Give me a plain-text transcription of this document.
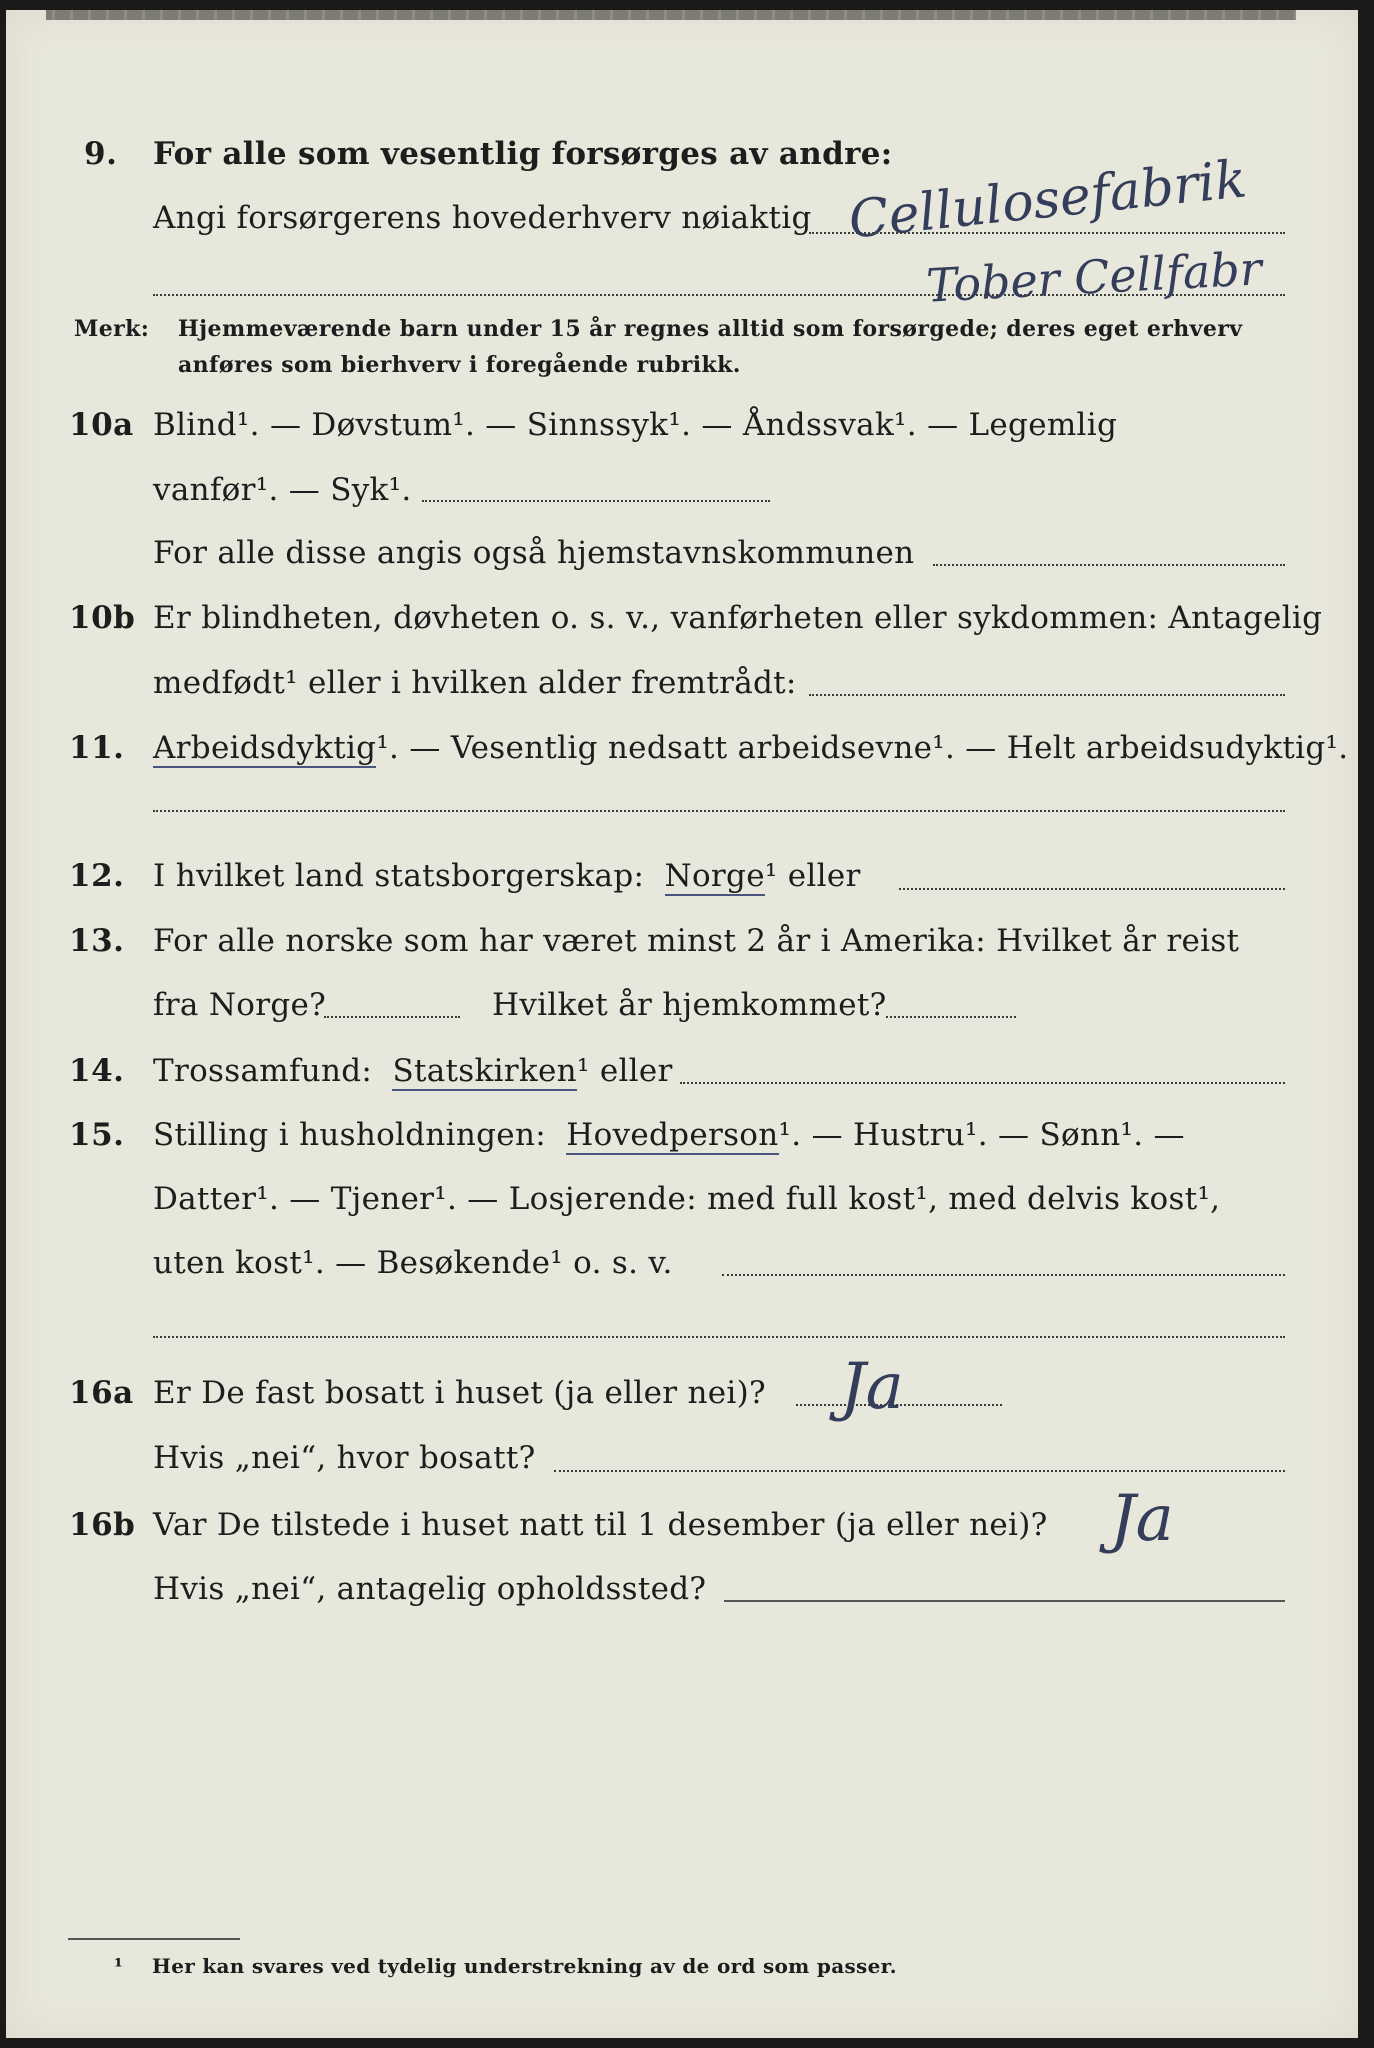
9. For alle som vesentlig forsørges av andre:
Angi forsørgerens hovederhverv nøiaktig Cellulosefabrik
Tober Cellfabr
Merk: Hjemmeværende barn under 15 år regnes alltid som forsørgede; deres eget erhverv
anføres som bierhverv i foregående rubrikk.
10a Blind¹. — Døvstum¹. — Sinnssyk¹. — Åndssvak¹. — Legemlig
vanfør¹. — Syk¹.
For alle disse angis også hjemstavnskommunen
10b Er blindheten, døvheten o. s. v., vanførheten eller sykdommen: Antagelig
medfødt¹ eller i hvilken alder fremtrådt:
11. Arbeidsdyktig¹. — Vesentlig nedsatt arbeidsevne¹. — Helt arbeidsudyktig¹.
12. I hvilket land statsborgerskap: Norge¹ eller
13. For alle norske som har været minst 2 år i Amerika: Hvilket år reist
fra Norge?	Hvilket år hjemkommet?
14. Trossamfund: Statskirken¹ eller
15. Stilling i husholdningen: Hovedperson¹. — Hustru¹. — Sønn¹. —
Datter¹. — Tjener¹. — Losjerende: med full kost¹, med delvis kost¹,
uten kost¹. — Besøkende¹ o. s. v.
16a Er De fast bosatt i huset (ja eller nei)? Ja
Hvis „nei“, hvor bosatt?
16b Var De tilstede i huset natt til 1 desember (ja eller nei)? Ja
Hvis „nei“, antagelig opholdssted?
¹ Her kan svares ved tydelig understrekning av de ord som passer.
